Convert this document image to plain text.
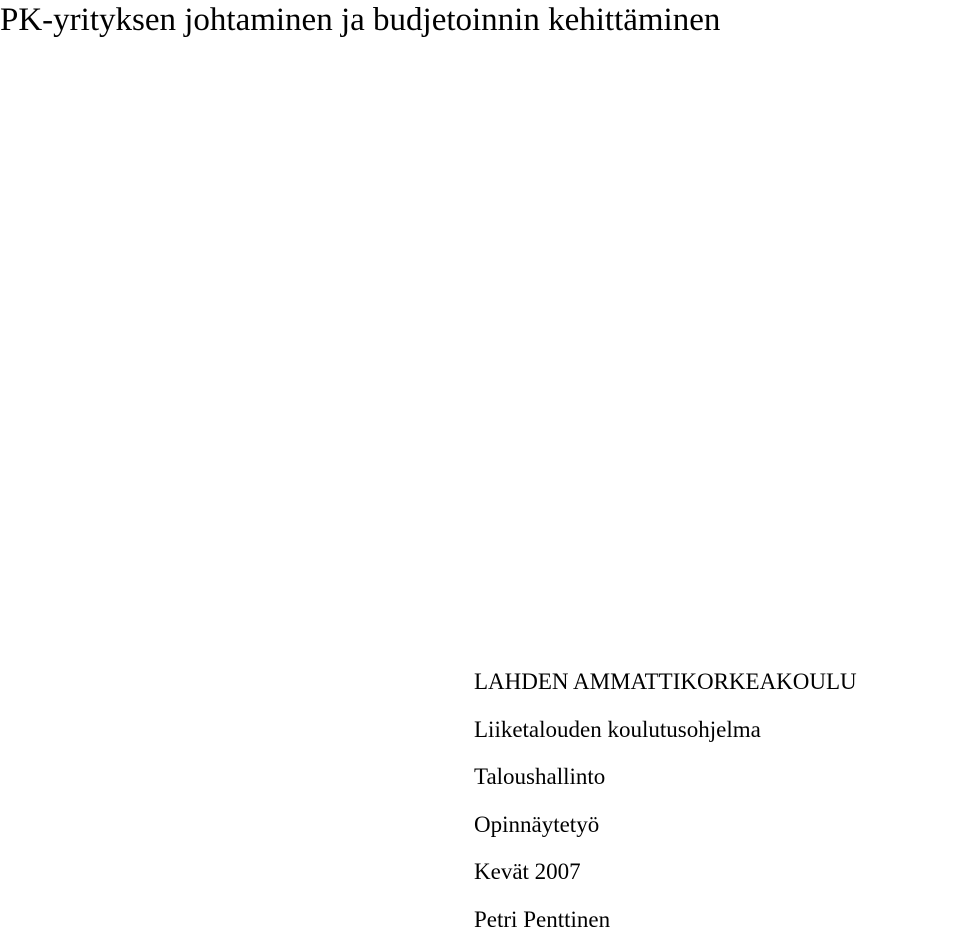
PK-yrityksen johtaminen ja budjetoinnin kehittäminen
LAHDEN AMMATTIKORKEAKOULU
Liiketalouden koulutusohjelma
Taloushallinto
Opinnäytetyö
Kevät 2007
Petri Penttinen
